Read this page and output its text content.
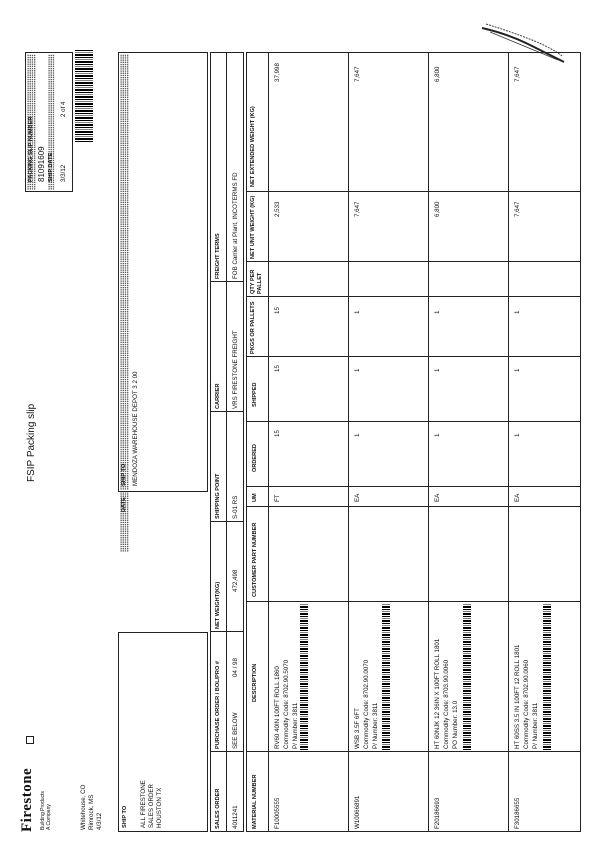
Firestone Building Products A Company	Whitehouse, CO Rimrock, MS 4/3/12
FSIP Packing slip
PACKING SLIP NUMBER 81091609 SHIP DATE 3/3/12
2 of 4
SHIP TO ALL FIRESTONE SALES ORDER HOUSTON TX
SHIP TO MENDOZA WAREHOUSE DEPOT 3 2 00
DATE
SALES ORDER
PURCHASE ORDER / BOL/PRO #
NET WEIGHT(KG)
SHIPPING POINT
CARRIER
FREIGHT TERMS
4011241
SEE BELOW
04 / 98
472,498
S-01 RS
VRS FIRESTONE FREIGHT
FOB Carrier at Plant, INCOTERMS FD
MATERIAL NUMBER
DESCRIPTION
CUSTOMER PART NUMBER
UM
ORDERED
SHIPPED
PKGS OR PALLETS
QTY PER PALLET
NET UNIT WEIGHT (KG)
NET EXTENDED WEIGHT (KG)
F10005555
RV60 40IN 100FT ROLL 1860 Commodity Code: 8702.90.5070 P/ Number: 3811
FT
15
15
15
2,533
37,998
W10066891
WSB 3.5F 6FT Commodity Code: 8702.90.0070 P/ Number: 3811
EA
1
1
1
7,647
7,647
F20186693
HT 60NJK 12 36IN X 100FT ROLL 1801 Commodity Code: 8703.90.0060 PO Number: 13.0
EA
1
1
1
6,800
6,800
F30186655
HT 60SS 3.5 IN 100FT 12 ROLL 1801 Commodity Code: 8702.90.0060 P/ Number: 3811
EA
1
1
1
7,647
7,647
